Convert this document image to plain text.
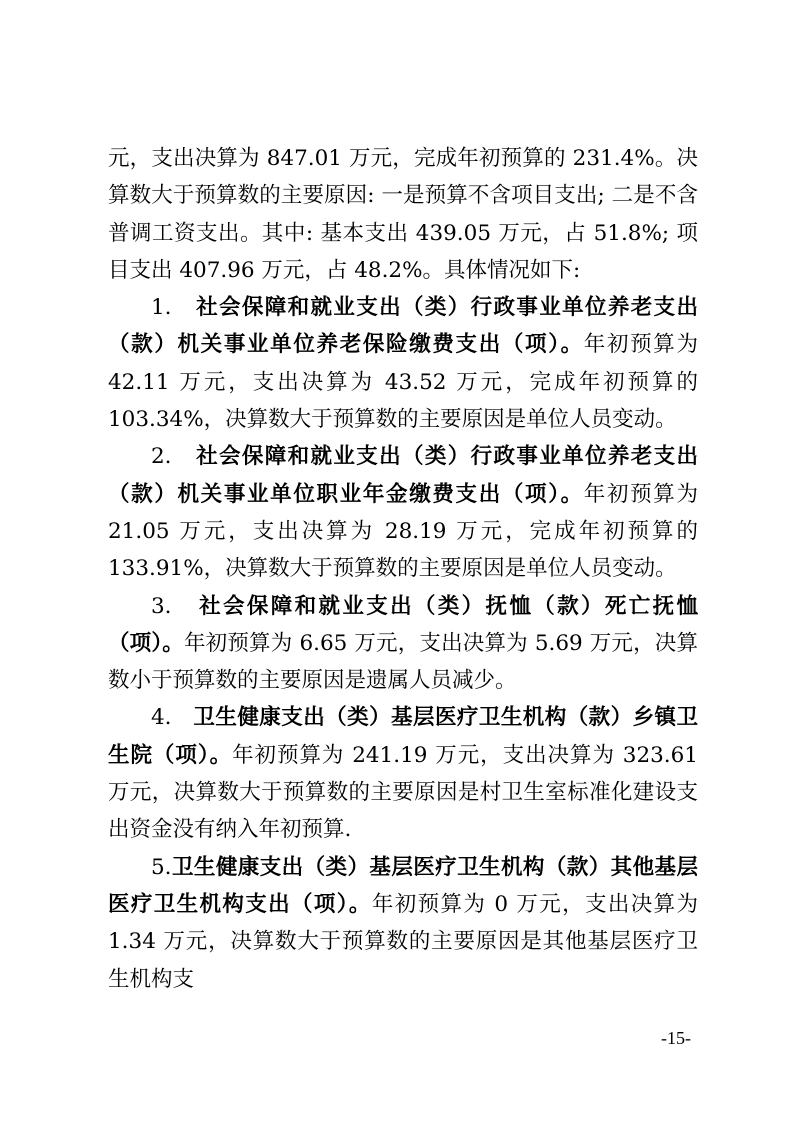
元，支出决算为 847.01 万元，完成年初预算的 231.4%。决算数大于预算数的主要原因: 一是预算不含项目支出; 二是不含普调工资支出。其中: 基本支出 439.05 万元，占 51.8%; 项目支出 407.96 万元，占 48.2%。具体情况如下:

1. 社会保障和就业支出（类）行政事业单位养老支出（款）机关事业单位养老保险缴费支出（项）。年初预算为 42.11 万元，支出决算为 43.52 万元，完成年初预算的 103.34%，决算数大于预算数的主要原因是单位人员变动。

2. 社会保障和就业支出（类）行政事业单位养老支出（款）机关事业单位职业年金缴费支出（项）。年初预算为 21.05 万元，支出决算为 28.19 万元，完成年初预算的 133.91%，决算数大于预算数的主要原因是单位人员变动。

3. 社会保障和就业支出（类）抚恤（款）死亡抚恤（项）。年初预算为 6.65 万元，支出决算为 5.69 万元，决算数小于预算数的主要原因是遗属人员减少。

4. 卫生健康支出（类）基层医疗卫生机构（款）乡镇卫生院（项）。年初预算为 241.19 万元，支出决算为 323.61 万元，决算数大于预算数的主要原因是村卫生室标准化建设支出资金没有纳入年初预算.

5.卫生健康支出（类）基层医疗卫生机构（款）其他基层医疗卫生机构支出（项）。年初预算为 0 万元，支出决算为 1.34 万元，决算数大于预算数的主要原因是其他基层医疗卫生机构支

-15-
